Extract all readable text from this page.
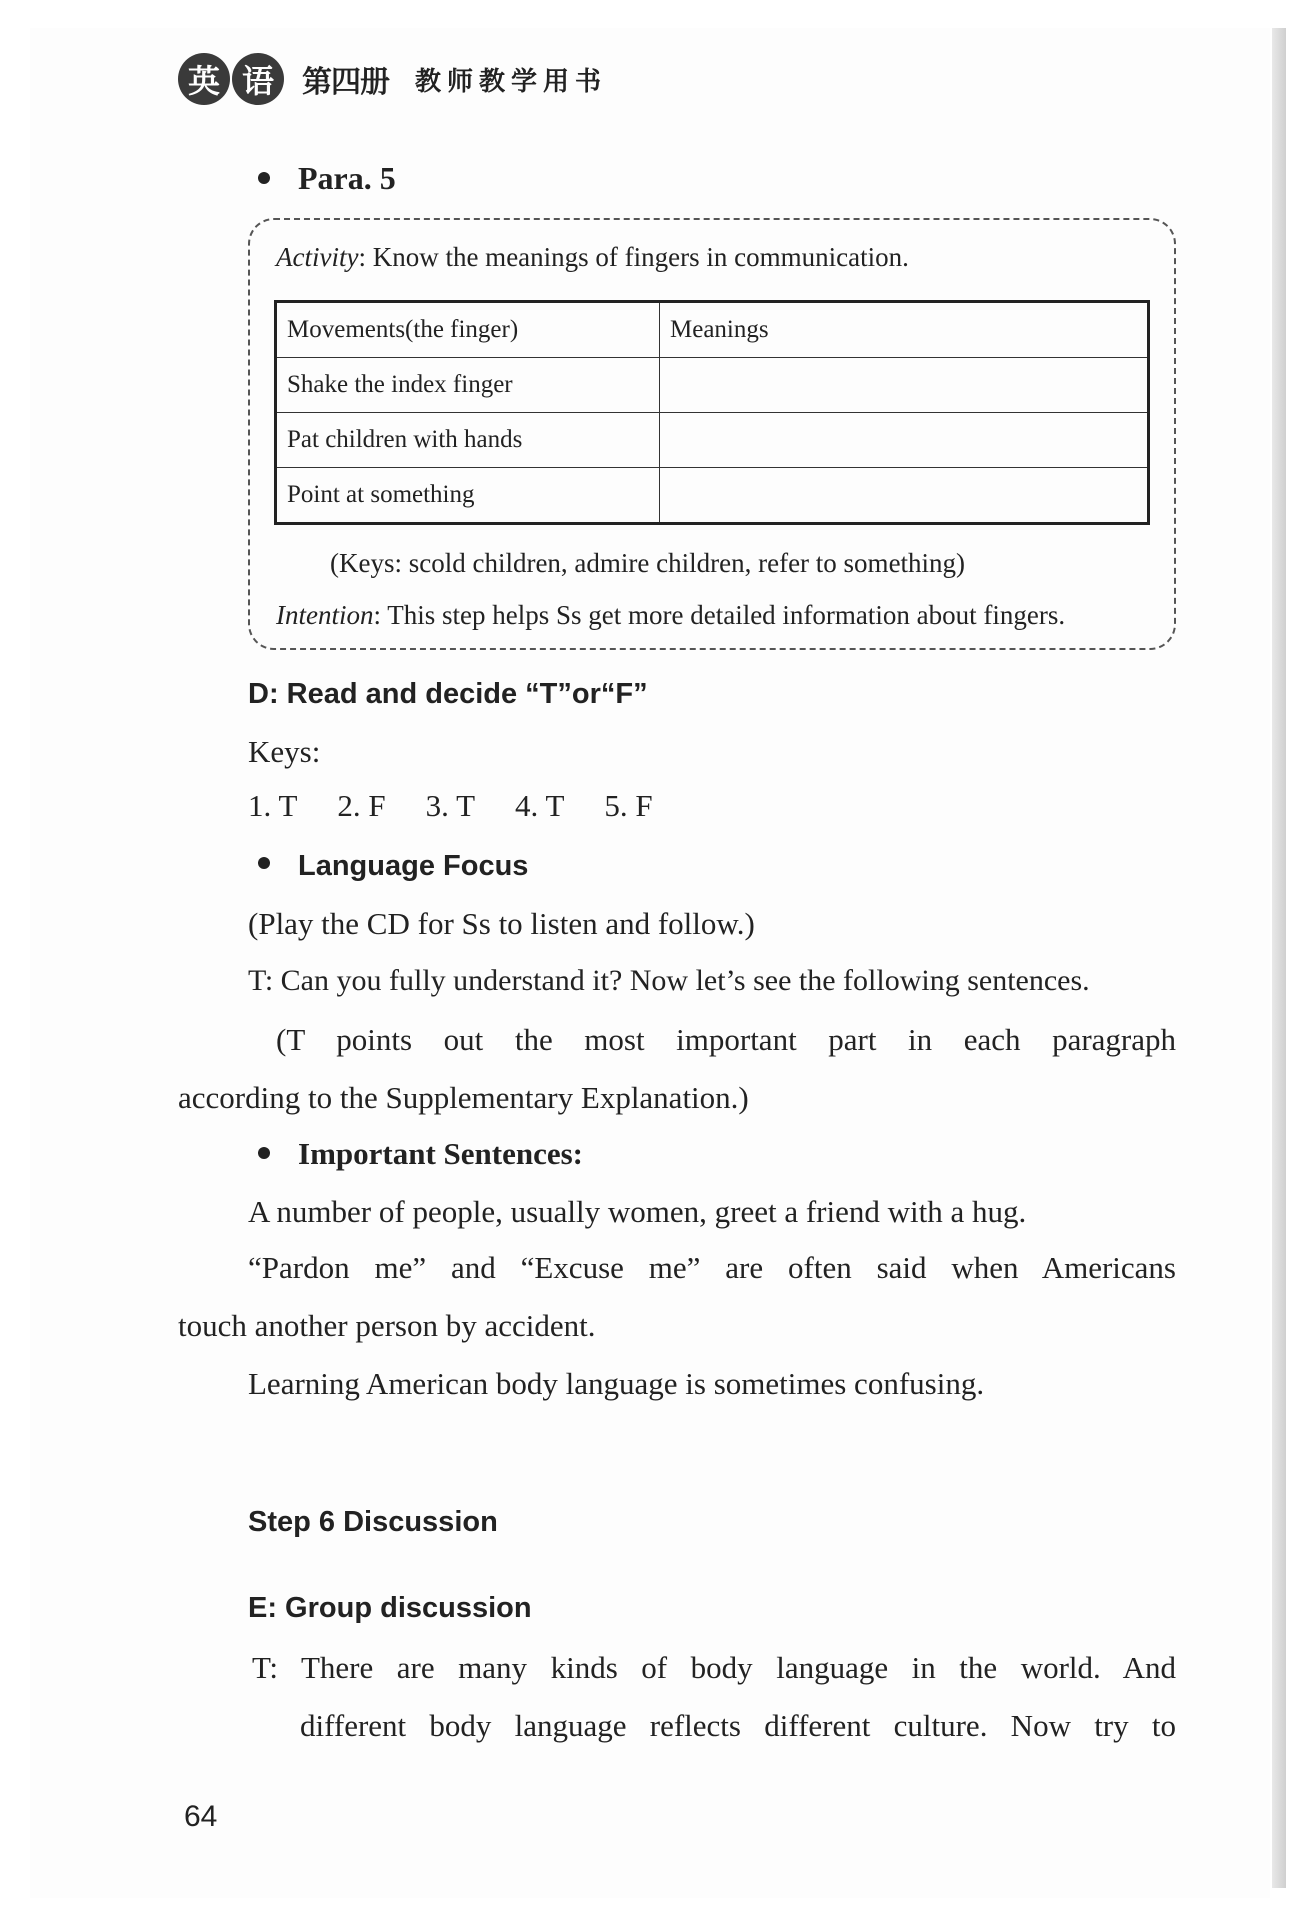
英 语 第四册 教师教学用书
Para. 5
Activity: Know the meanings of fingers in communication.
Movements(the finger)	Meanings
Shake the index finger	
Pat children with hands	
Point at something	
(Keys: scold children, admire children, refer to something)
Intention: This step helps Ss get more detailed information about fingers.
D: Read and decide “T”or“F”
Keys:
1. T 2. F 3. T 4. T 5. F
Language Focus
(Play the CD for Ss to listen and follow.)
T: Can you fully understand it? Now let’s see the following sentences.
(T points out the most important part in each paragraph
according to the Supplementary Explanation.)
Important Sentences:
A number of people, usually women, greet a friend with a hug.
“Pardon me” and “Excuse me” are often said when Americans
touch another person by accident.
Learning American body language is sometimes confusing.
Step 6 Discussion
E: Group discussion
T: There are many kinds of body language in the world. And
different body language reflects different culture. Now try to
64
